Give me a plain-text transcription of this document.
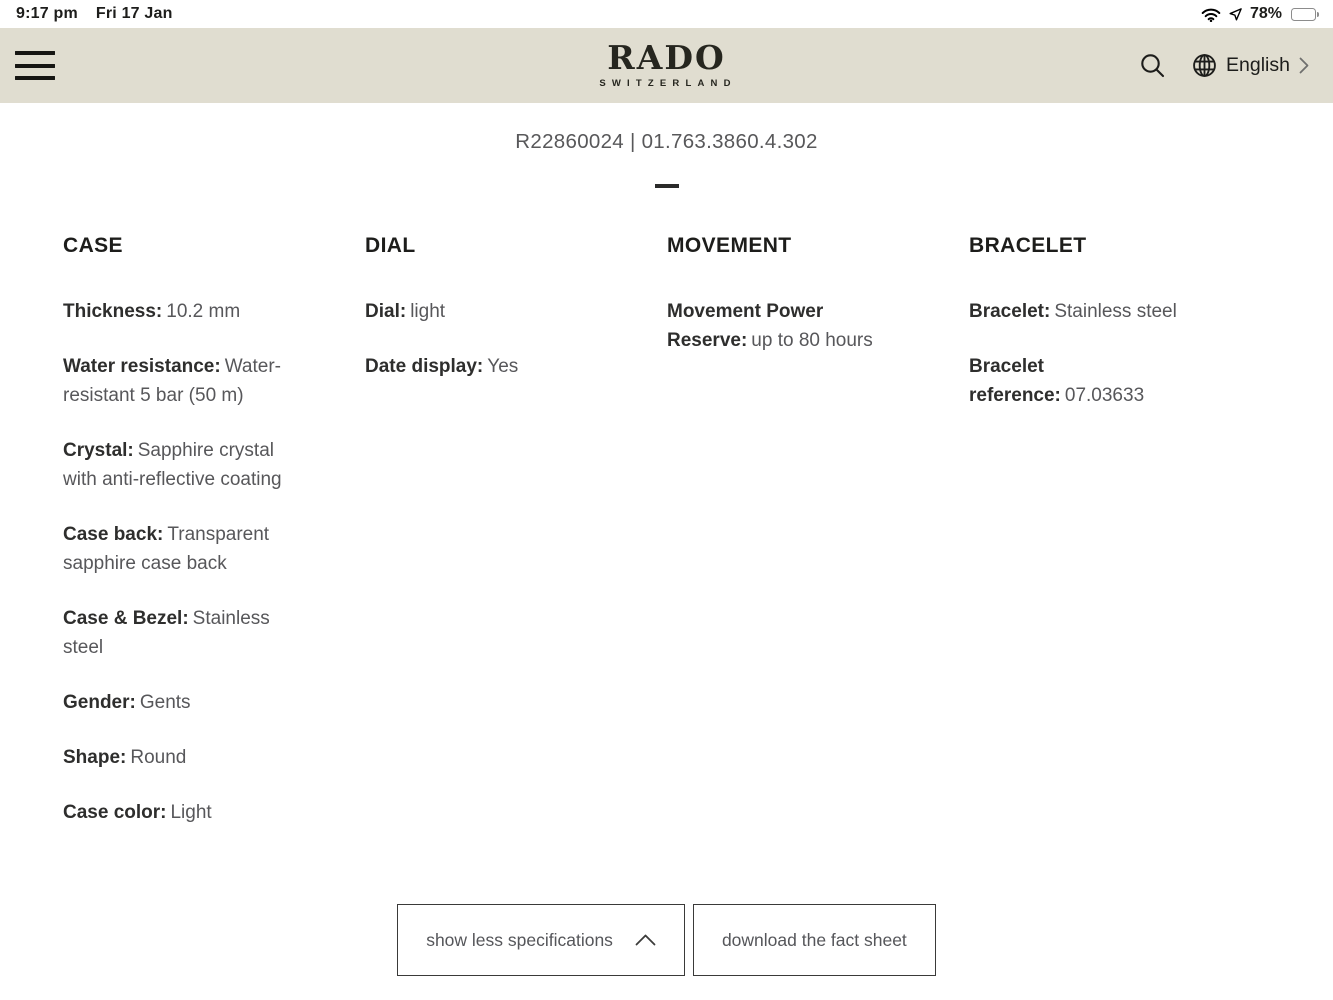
9:17 pm Fri 17 Jan	78%
RADO
SWITZERLAND
English
R22860024 | 01.763.3860.4.302
CASE

Thickness: 10.2 mm

Water resistance: Water-resistant 5 bar (50 m)

Crystal: Sapphire crystal with anti-reflective coating

Case back: Transparent sapphire case back

Case & Bezel: Stainless steel

Gender: Gents

Shape: Round

Case color: Light

DIAL

Dial: light

Date display: Yes

MOVEMENT

Movement Power Reserve: up to 80 hours

BRACELET

Bracelet: Stainless steel

Bracelet reference: 07.03633

show less specifications	download the fact sheet
